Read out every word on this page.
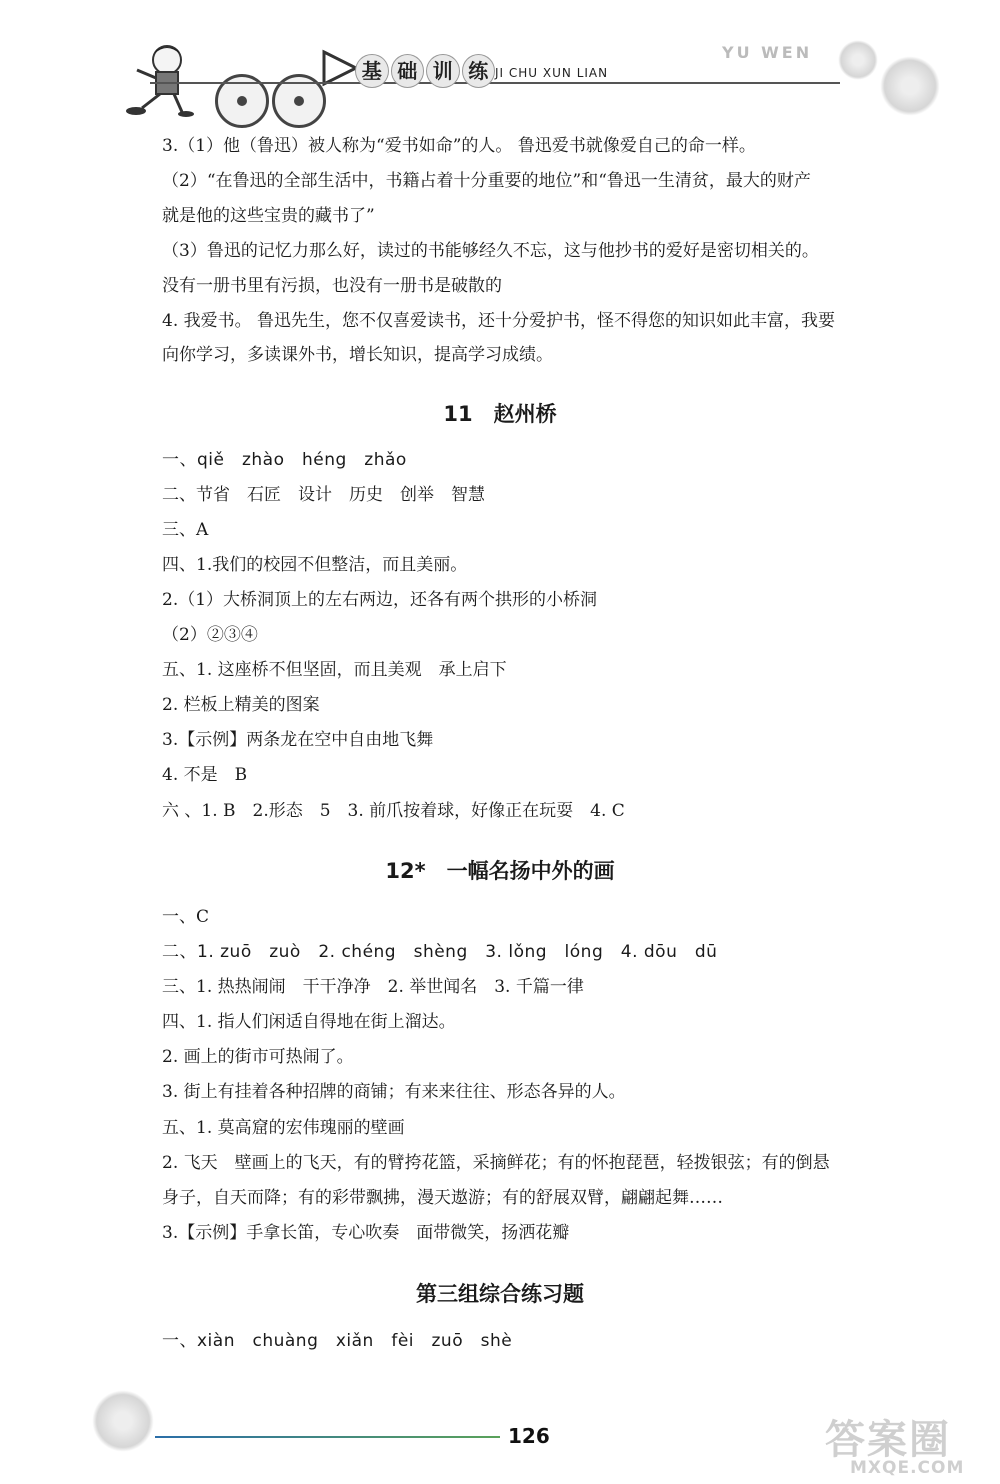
基 础 训 练 JI CHU XUN LIAN
YU WEN
3.（1）他（鲁迅）被人称为“爱书如命”的人。 鲁迅爱书就像爱自己的命一样。
（2）“在鲁迅的全部生活中，书籍占着十分重要的地位”和“鲁迅一生清贫，最大的财产
就是他的这些宝贵的藏书了”
（3）鲁迅的记忆力那么好，读过的书能够经久不忘，这与他抄书的爱好是密切相关的。
没有一册书里有污损，也没有一册书是破散的
4. 我爱书。 鲁迅先生，您不仅喜爱读书，还十分爱护书，怪不得您的知识如此丰富，我要
向你学习，多读课外书，增长知识，提高学习成绩。
11　赵州桥
一、qiě　zhào　héng　zhǎo
二、节省　石匠　设计　历史　创举　智慧
三、A
四、1.我们的校园不但整洁，而且美丽。
2.（1）大桥洞顶上的左右两边，还各有两个拱形的小桥洞
（2）②③④
五、1. 这座桥不但坚固，而且美观　承上启下
2. 栏板上精美的图案
3.【示例】两条龙在空中自由地飞舞
4. 不是　B
六 、1. B　2.形态　5　3. 前爪按着球，好像正在玩耍　4. C
12*　一幅名扬中外的画
一、C
二、1. zuō　zuò　2. chéng　shèng　3. lǒng　lóng　4. dōu　dū
三、1. 热热闹闹　干干净净　2. 举世闻名　3. 千篇一律
四、1. 指人们闲适自得地在街上溜达。
2. 画上的街市可热闹了。
3. 街上有挂着各种招牌的商铺；有来来往往、形态各异的人。
五、1. 莫高窟的宏伟瑰丽的壁画
2. 飞天　壁画上的飞天，有的臂挎花篮，采摘鲜花；有的怀抱琵琶，轻拨银弦；有的倒悬
身子，自天而降；有的彩带飘拂，漫天遨游；有的舒展双臂，翩翩起舞……
3.【示例】手拿长笛，专心吹奏　面带微笑，扬洒花瓣
第三组综合练习题
一、xiàn　chuàng　xiǎn　fèi　zuō　shè
126	答案圈
MXQE.COM
